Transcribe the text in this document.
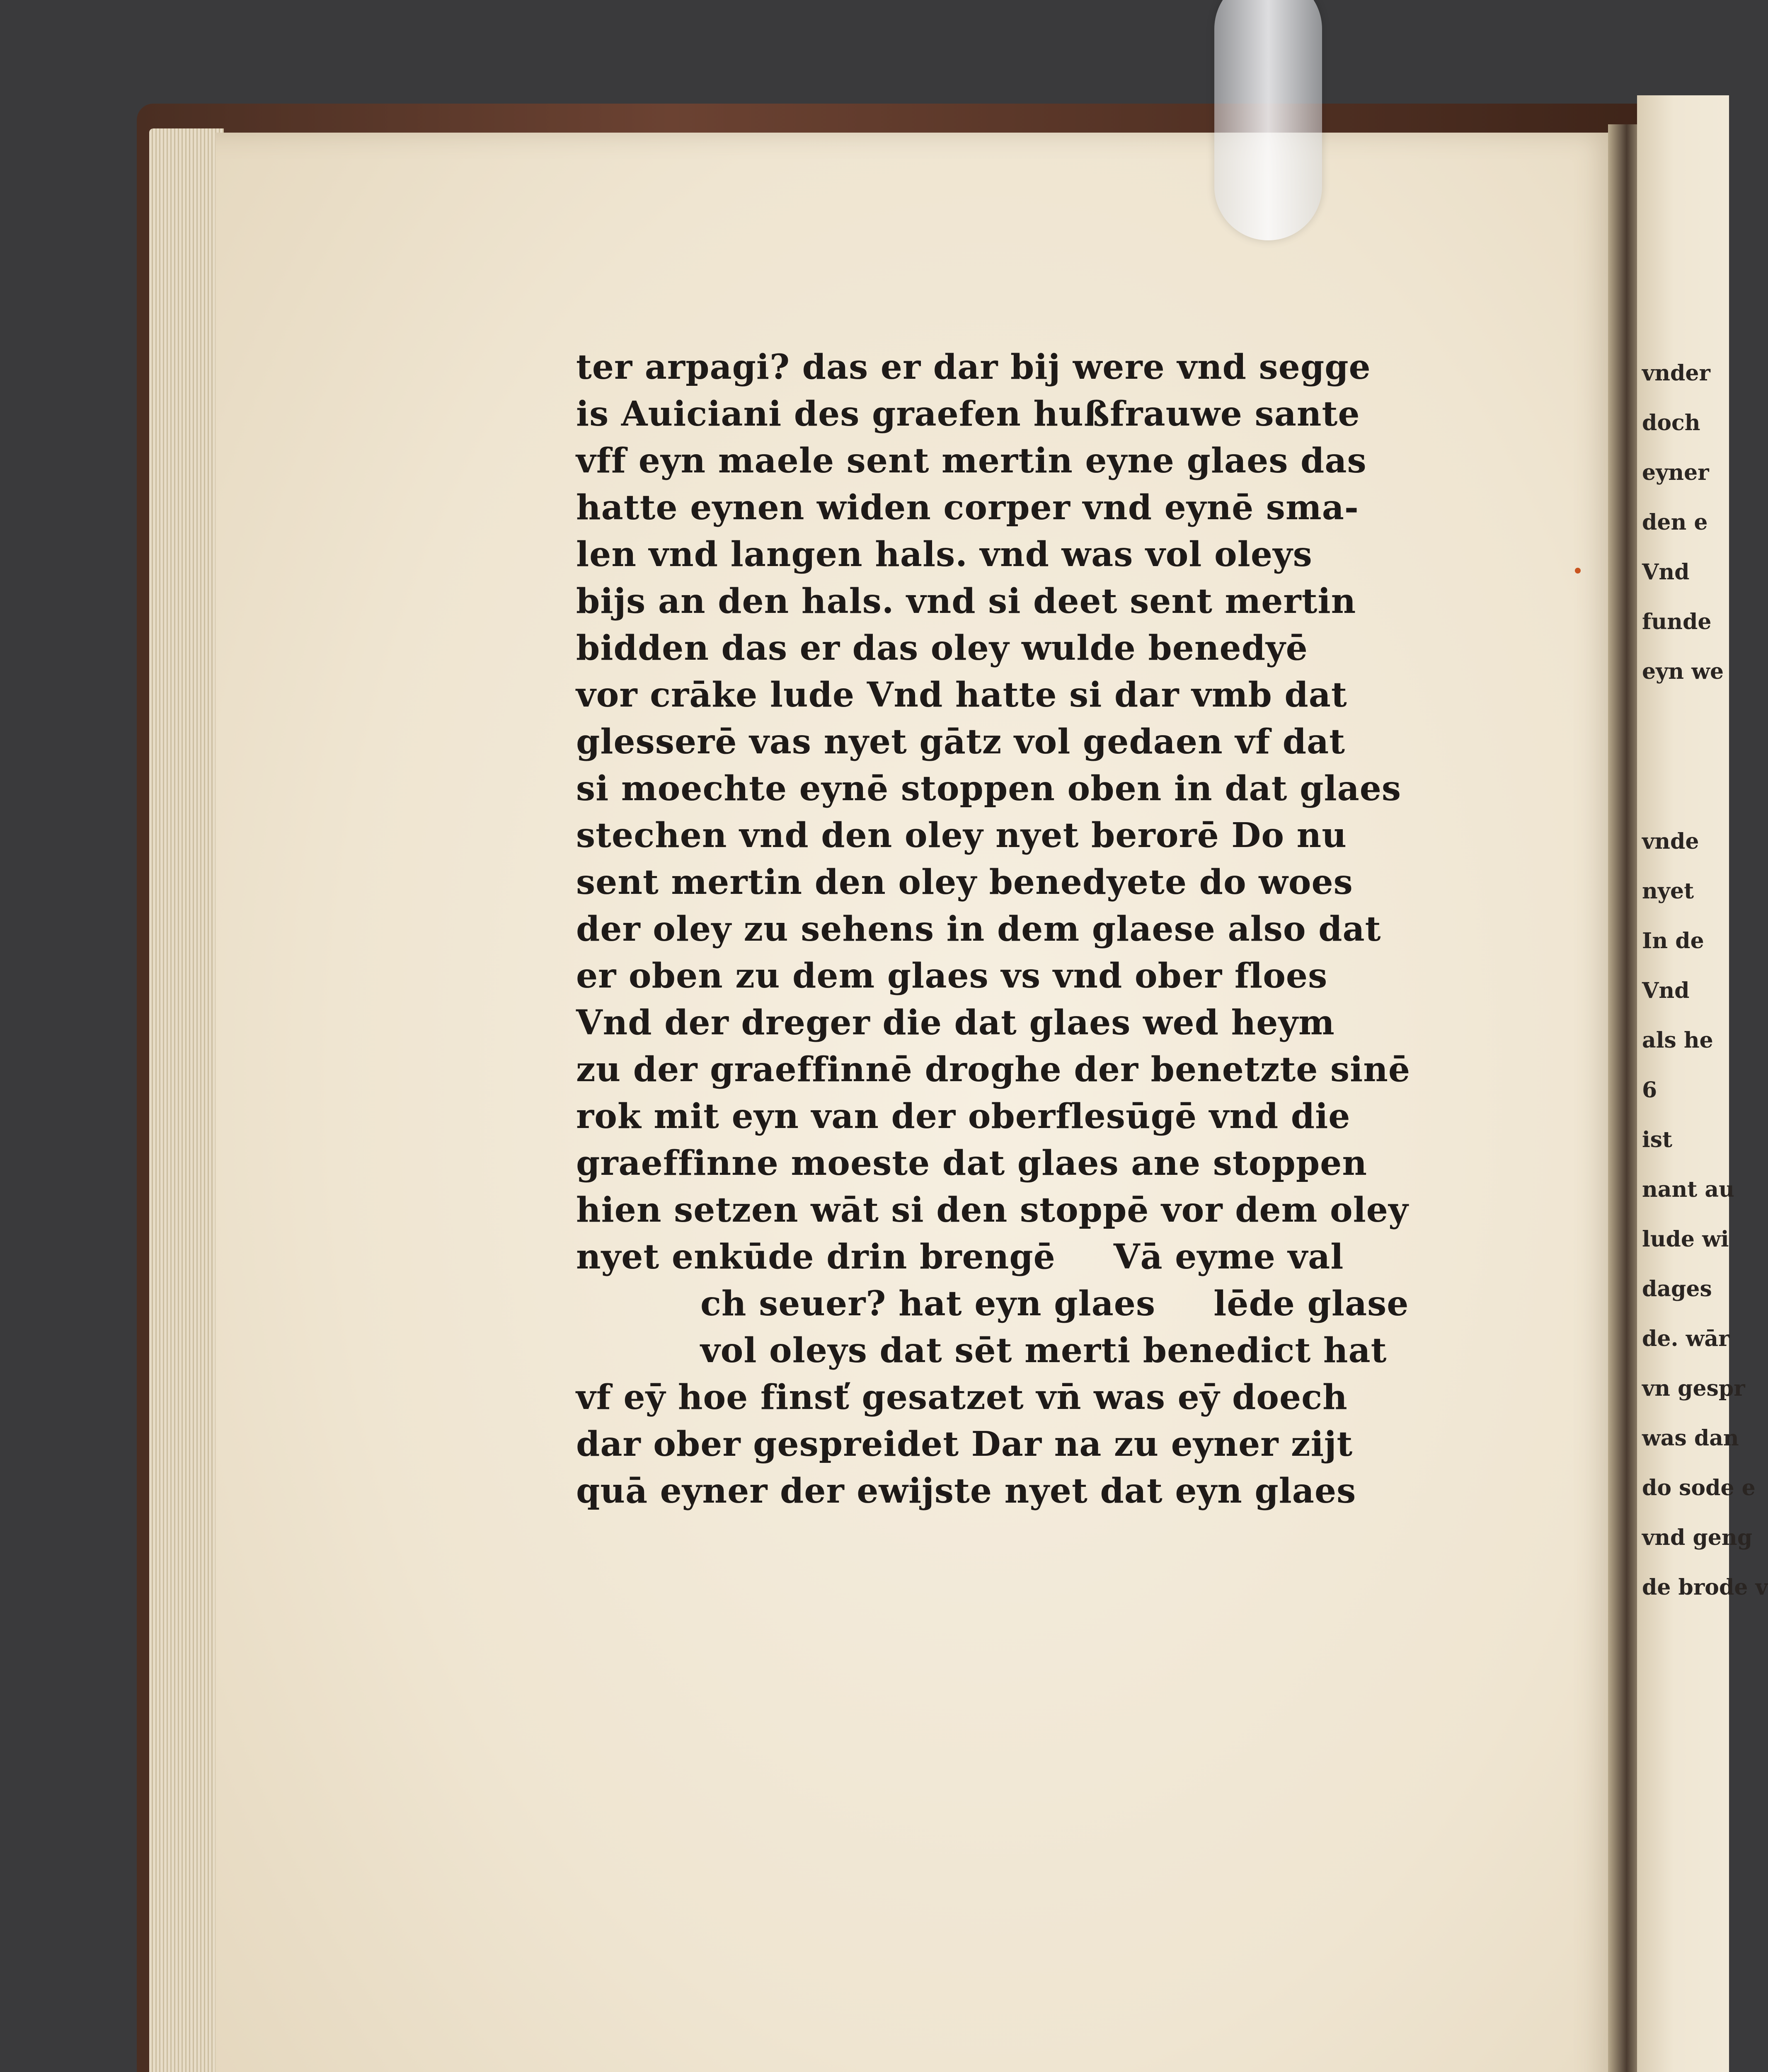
vnder
doch
eyner
den e
Vnd
funde
eyn we
vnde
nyet
In de
Vnd
als he
6
ist
nant au
lude wi
dages
de. wār
vn gespr
was dan
do sode e
vnd geng
de brode v
ter arpagi? das er dar bij were vnd segge
is Auiciani des graefen hußfrauwe sante
vff eyn maele sent mertin eyne glaes das
hatte eynen widen corper vnd eynē sma-
len vnd langen hals. vnd was vol oleys
bijs an den hals. vnd si deet sent mertin
bidden das er das oley wulde benedyē
vor crāke lude Vnd hatte si dar vmb dat
glesserē vas nyet gātz vol gedaen vf dat
si moechte eynē stoppen oben in dat glaes
stechen vnd den oley nyet berorē Do nu
sent mertin den oley benedyete do woes
der oley zu sehens in dem glaese also dat
er oben zu dem glaes vs vnd ober floes
Vnd der dreger die dat glaes wed heym
zu der graeffinnē droghe der benetzte sinē
rok mit eyn van der oberflesūgē vnd die
graeffinne moeste dat glaes ane stoppen
hien setzen wāt si den stoppē vor dem oley
nyet enkūde drin brengē Vā eyme val
ch seuer? hat eyn glaes lēde glase
vol oleys dat sēt merti benedict hat
vf eȳ hoe finsť gesatzet vn̄ was eȳ doech
dar ober gespreidet Dar na zu eyner zijt
quā eyner der ewijste nyet dat eyn glaes
